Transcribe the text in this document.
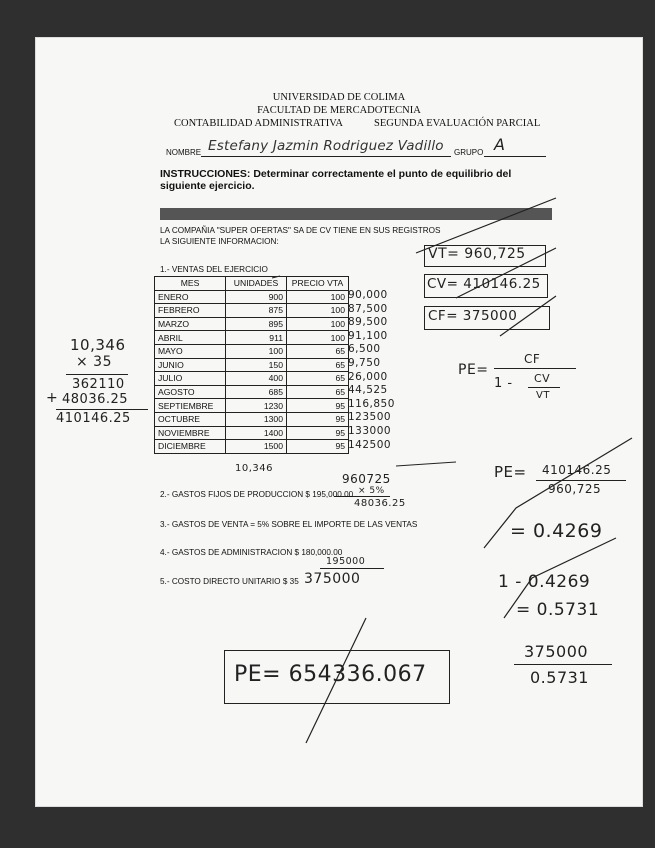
UNIVERSIDAD DE COLIMA
FACULTAD DE MERCADOTECNIA
CONTABILIDAD ADMINISTRATIVA	SEGUNDA EVALUACIÓN PARCIAL
NOMBRE Estefany Jazmin Rodriguez Vadillo GRUPO A
INSTRUCCIONES: Determinar correctamente el punto de equilibrio del
siguiente ejercicio.
LA COMPAÑIA "SUPER OFERTAS" SA DE CV TIENE EN SUS REGISTROS
LA SIGUIENTE INFORMACION:
1.- VENTAS DEL EJERCICIO
MES	UNIDADES	PRECIO VTA
ENERO	900	100
FEBRERO	875	100
MARZO	895	100
ABRIL	911	100
MAYO	100	65
JUNIO	150	65
JULIO	400	65
AGOSTO	685	65
SEPTIEMBRE	1230	95
OCTUBRE	1300	95
NOVIEMBRE	1400	95
DICIEMBRE	1500	95
90,000
87,500
89,500
91,100
6,500
9,750
26,000
44,525
116,850
123500
133000
142500
10,346
960725
× 5%
48036.25
2.- GASTOS FIJOS DE PRODUCCION $ 195,000.00
3.- GASTOS DE VENTA = 5% SOBRE EL IMPORTE DE LAS VENTAS
4.- GASTOS DE ADMINISTRACION $ 180,000.00
195000
5.- COSTO DIRECTO UNITARIO $ 35 375000
10,346
× 35
362110
+ 48036.25
410146.25
VT= 960,725
CV= 410146.25
CF= 375000
PE=
CF
1 - CV
VT
PE= 410146.25
960,725
= 0.4269
1 - 0.4269
= 0.5731
375000
0.5731
PE= 654336.067
